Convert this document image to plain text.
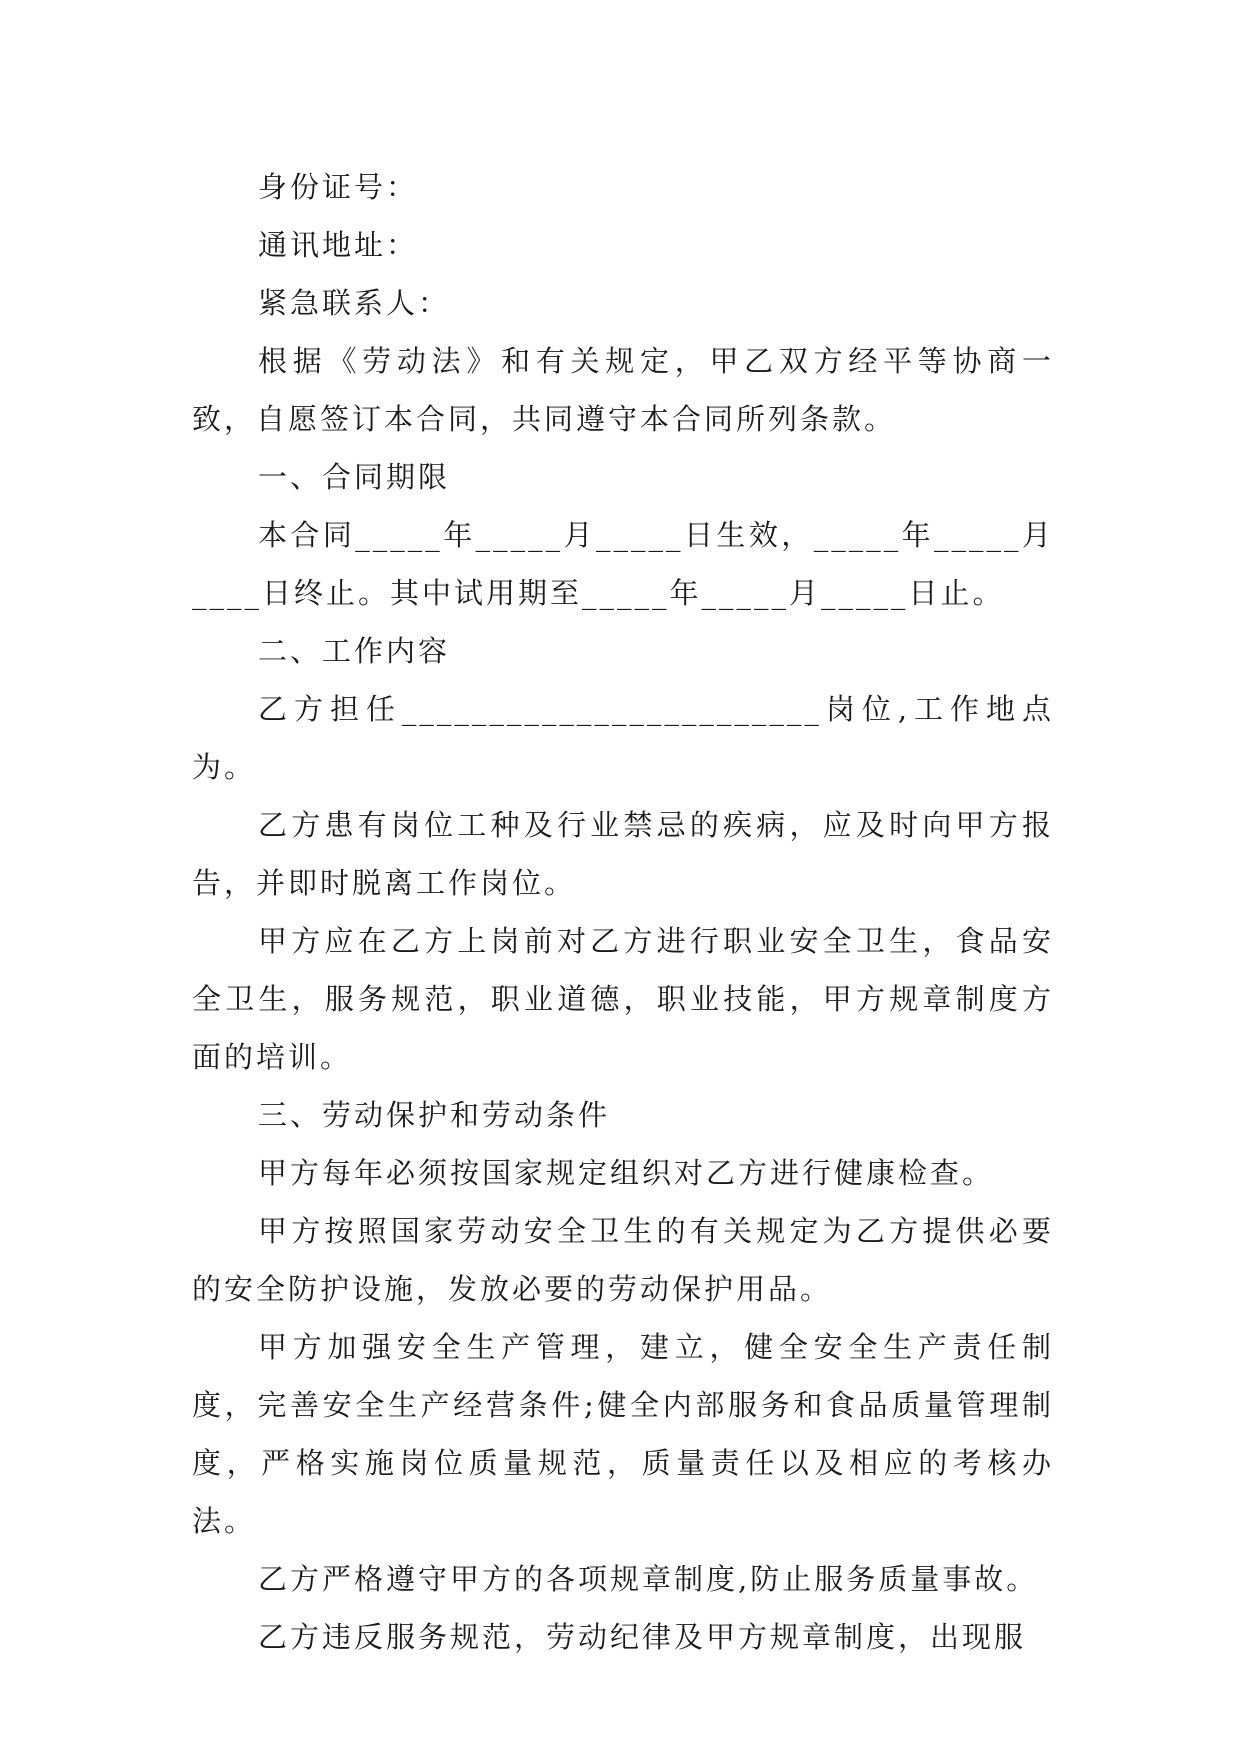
身份证号：

通讯地址：

紧急联系人：

根据《劳动法》和有关规定，甲乙双方经平等协商一致，自愿签订本合同，共同遵守本合同所列条款。

一、合同期限

本合同_____年_____月_____日生效，_____年_____月____日终止。其中试用期至_____年_____月_____日止。

二、工作内容

乙方担任________________________岗位,工作地点为。

乙方患有岗位工种及行业禁忌的疾病，应及时向甲方报告，并即时脱离工作岗位。

甲方应在乙方上岗前对乙方进行职业安全卫生，食品安全卫生，服务规范，职业道德，职业技能，甲方规章制度方面的培训。

三、劳动保护和劳动条件

甲方每年必须按国家规定组织对乙方进行健康检查。

甲方按照国家劳动安全卫生的有关规定为乙方提供必要的安全防护设施，发放必要的劳动保护用品。

甲方加强安全生产管理，建立，健全安全生产责任制度，完善安全生产经营条件;健全内部服务和食品质量管理制度，严格实施岗位质量规范，质量责任以及相应的考核办法。

乙方严格遵守甲方的各项规章制度,防止服务质量事故。

乙方违反服务规范，劳动纪律及甲方规章制度，出现服
